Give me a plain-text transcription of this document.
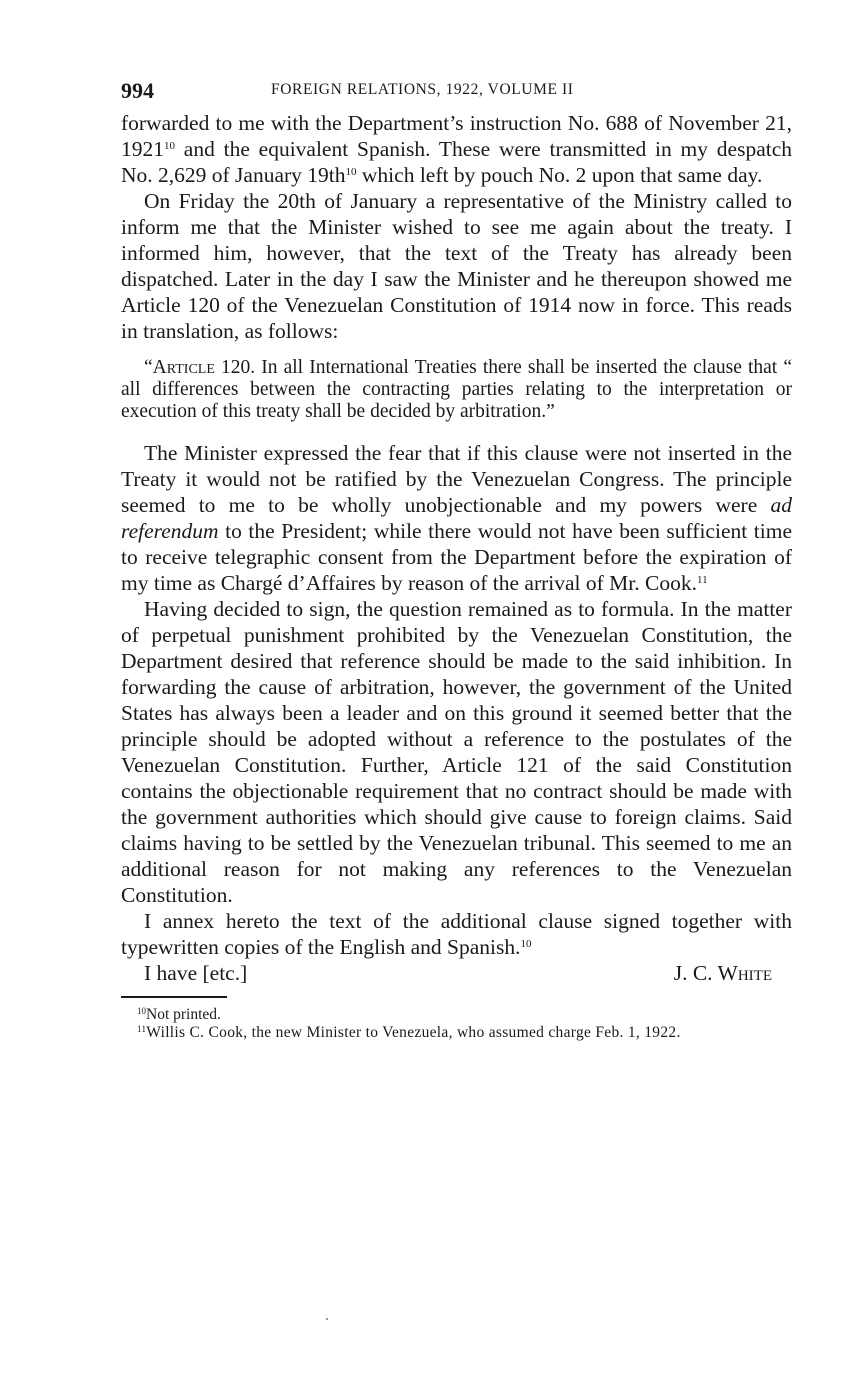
994	FOREIGN RELATIONS, 1922, VOLUME II

forwarded to me with the Department’s instruction No. 688 of November 21, 1921$^{10}$ and the equivalent Spanish. These were transmitted in my despatch No. 2,629 of January $19th^{10}$ which left by pouch No. 2 upon that same day.

On Friday the 20th of January a representative of the Ministry called to inform me that the Minister wished to see me again about the treaty. I informed him, however, that the text of the Treaty has already been dispatched. Later in the day I saw the Minister and he thereupon showed me Article 120 of the Venezuelan Constitution of 1914 now in force. This reads in translation, as follows:

“Article 120. In all International Treaties there shall be inserted the clause that “ all differences between the contracting parties relating to the interpretation or execution of this treaty shall be decided by arbitration.”

The Minister expressed the fear that if this clause were not inserted in the Treaty it would not be ratified by the Venezuelan Congress. The principle seemed to me to be wholly unobjectionable and my powers were ad referendum to the President; while there would not have been sufficient time to receive telegraphic consent from the Department before the expiration of my time as Chargé d’Affaires by reason of the arrival of Mr. Cook.$^{11}$

Having decided to sign, the question remained as to formula. In the matter of perpetual punishment prohibited by the Venezuelan Constitution, the Department desired that reference should be made to the said inhibition. In forwarding the cause of arbitration, however, the government of the United States has always been a leader and on this ground it seemed better that the principle should be adopted without a reference to the postulates of the Venezuelan Constitution. Further, Article 121 of the said Constitution contains the objectionable requirement that no contract should be made with the government authorities which should give cause to foreign claims. Said claims having to be settled by the Venezuelan tribunal. This seemed to me an additional reason for not making any references to the Venezuelan Constitution.

I annex hereto the text of the additional clause signed together with typewritten copies of the English and Spanish.$^{10}$

I have [etc.]	J. C. White
$^{10}$Not printed.
$^{11}$Willis C. Cook, the new Minister to Venezuela, who assumed charge Feb. 1, 1922.
